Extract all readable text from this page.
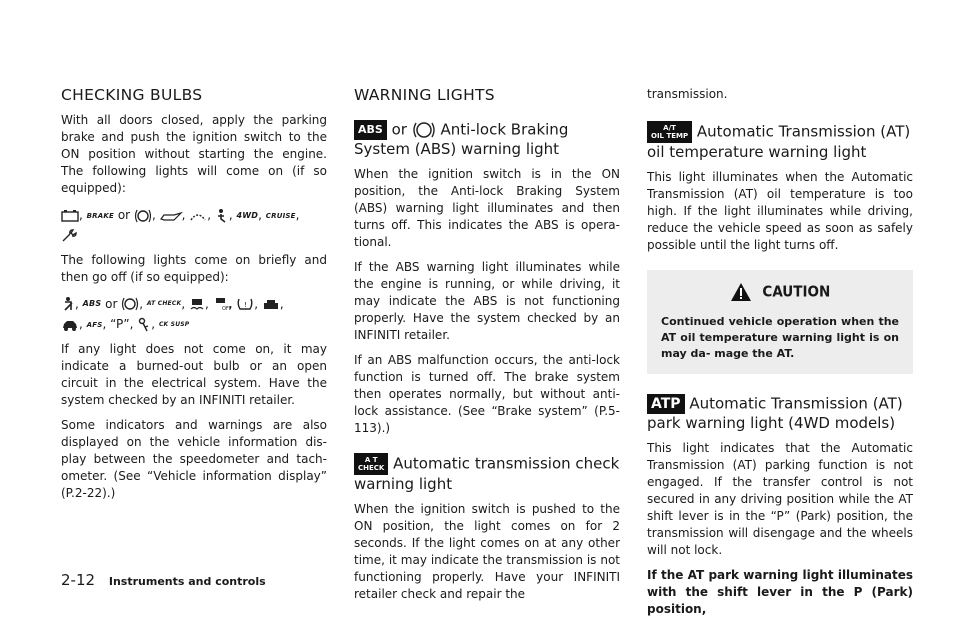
CHECKING BULBS

With all doors closed, apply the parking brake and push the ignition switch to the ON position without starting the engine. The following lights will come on (if so equipped):

, BRAKE or ,
,
,
, 4WD, CRUISE,

The following lights come on briefly and then go off (if so equipped):

, ABS or , AT CHECK,
, OFF
, ! ,
,

, AFS, “P”,
, CK SUSP

If any light does not come on, it may indicate a burned-out bulb or an open circuit in the electrical system. Have the system checked by an INFINITI retailer.

Some indicators and warnings are also displayed on the vehicle information dis- play between the speedometer and tach- ometer. (See “Vehicle information display” (P.2-22).)

WARNING LIGHTS
ABS or Anti-lock Braking
System (ABS) warning light

When the ignition switch is in the ON position, the Anti-lock Braking System (ABS) warning light illuminates and then turns off. This indicates the ABS is opera- tional.

If the ABS warning light illuminates while the engine is running, or while driving, it may indicate the ABS is not functioning properly. Have the system checked by an INFINITI retailer.

If an ABS malfunction occurs, the anti-lock function is turned off. The brake system then operates normally, but without anti- lock assistance. (See “Brake system” (P.5- 113).)

A T
CHECK Automatic transmission check
warning light

When the ignition switch is pushed to the ON position, the light comes on for 2 seconds. If the light comes on at any other time, it may indicate the transmission is not functioning properly. Have your INFINITI retailer check and repair the

transmission.

A/T
OIL TEMP Automatic Transmission (AT)
oil temperature warning light

This light illuminates when the Automatic Transmission (AT) oil temperature is too high. If the light illuminates while driving, reduce the vehicle speed as soon as safely possible until the light turns off.

CAUTION

Continued vehicle operation when the AT oil temperature warning light is on may da- mage the AT.

ATP Automatic Transmission (AT)
park warning light (4WD models)

This light indicates that the Automatic Transmission (AT) parking function is not engaged. If the transfer control is not secured in any driving position while the AT shift lever is in the “P” (Park) position, the transmission will disengage and the wheels will not lock.

If the AT park warning light illuminates with the shift lever in the P (Park) position,

2-12 Instruments and controls
